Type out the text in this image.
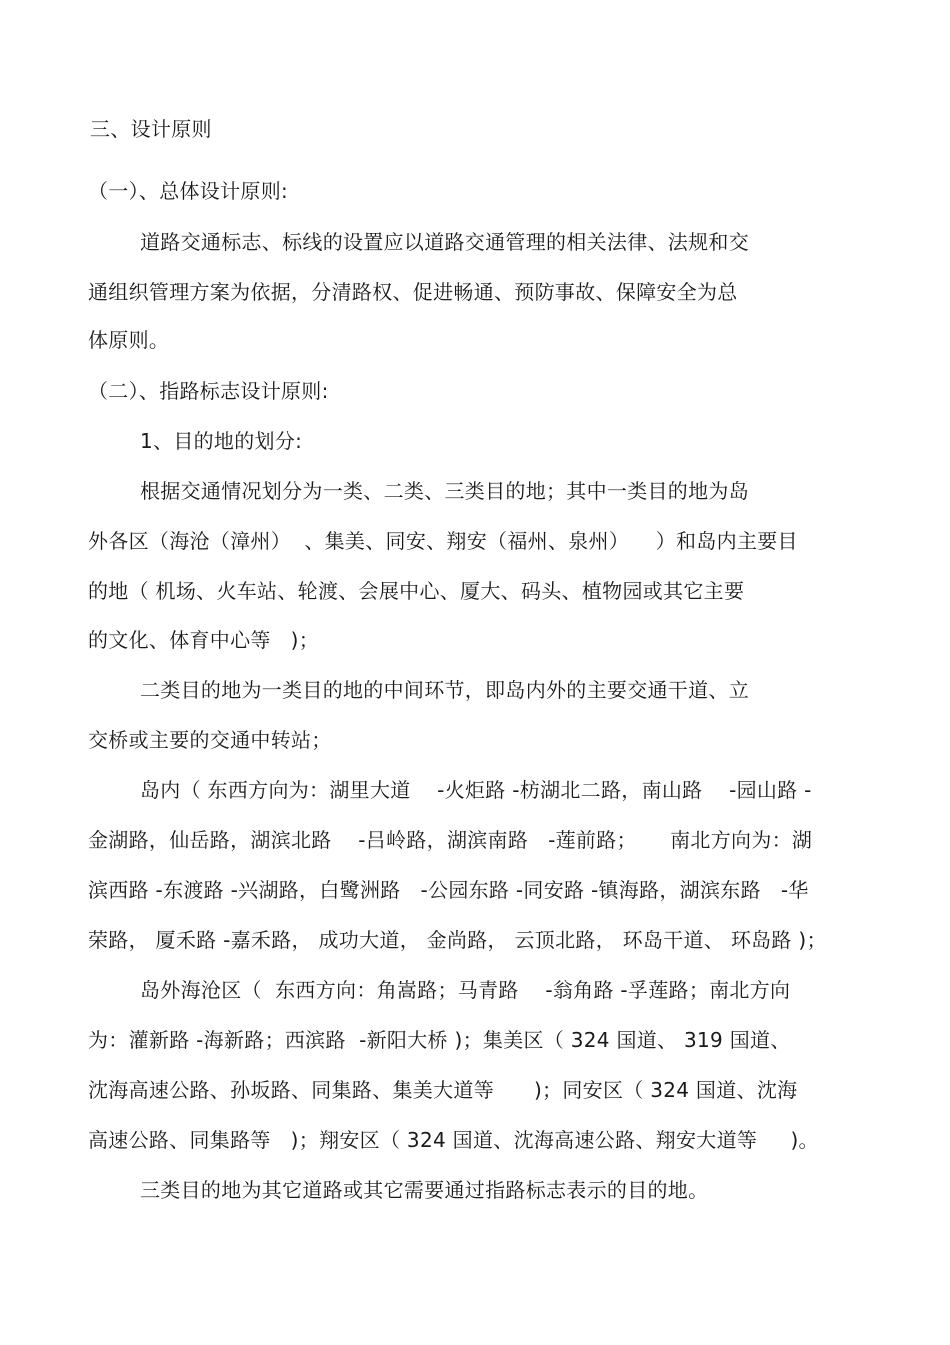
三、设计原则
（一）、总体设计原则:
道路交通标志、标线的设置应以道路交通管理的相关法律、法规和交
通组织管理方案为依据，分清路权、促进畅通、预防事故、保障安全为总
体原则。
（二）、指路标志设计原则:
1、目的地的划分:
根据交通情况划分为一类、二类、三类目的地；其中一类目的地为岛
外各区（海沧（漳州）  、集美、同安、翔安（福州、泉州）    ）和岛内主要目
的地（ 机场、火车站、轮渡、会展中心、厦大、码头、植物园或其它主要
的文化、体育中心等   )；
二类目的地为一类目的地的中间环节，即岛内外的主要交通干道、立
交桥或主要的交通中转站；
岛内（ 东西方向为：湖里大道    -火炬路 -枋湖北二路，南山路    -园山路 -
金湖路，仙岳路，湖滨北路    -吕岭路，湖滨南路   -莲前路；     南北方向为：湖
滨西路 -东渡路 -兴湖路，白鹭洲路   -公园东路 -同安路 -镇海路，湖滨东路   -华
荣路， 厦禾路 -嘉禾路， 成功大道， 金尚路， 云顶北路， 环岛干道、 环岛路 )；
岛外海沧区（  东西方向：角嵩路；马青路    -翁角路 -孚莲路；南北方向
为：灌新路 -海新路；西滨路  -新阳大桥 )；集美区（ 324 国道、 319 国道、
沈海高速公路、孙坂路、同集路、集美大道等      )；同安区（ 324 国道、沈海
高速公路、同集路等   )；翔安区（ 324 国道、沈海高速公路、翔安大道等     )。
三类目的地为其它道路或其它需要通过指路标志表示的目的地。
